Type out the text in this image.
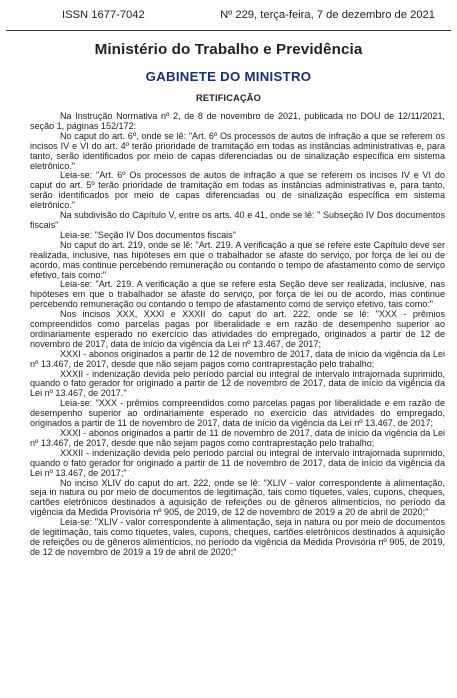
ISSN 1677-7042	Nº 229, terça-feira, 7 de dezembro de 2021
Ministério do Trabalho e Previdência
GABINETE DO MINISTRO
RETIFICAÇÃO

Na Instrução Normativa nº 2, de 8 de novembro de 2021, publicada no DOU de 12/11/2021, seção 1, páginas 152/172:

No caput do art. 6º, onde se lê: "Art. 6º Os processos de autos de infração a que se referem os incisos IV e VI do art. 4º terão prioridade de tramitação em todas as instâncias administrativas e, para tanto, serão identificados por meio de capas diferenciadas ou de sinalização específica em sistema eletrônico."

Leia-se: "Art. 6º Os processos de autos de infração a que se referem os incisos IV e VI do caput do art. 5º terão prioridade de tramitação em todas as instâncias administrativas e, para tanto, serão identificados por meio de capas diferenciadas ou de sinalização específica em sistema eletrônico."

Na subdivisão do Capítulo V, entre os arts. 40 e 41, onde se lê: " Subseção IV Dos documentos fiscais"

Leia-se: "Seção IV Dos documentos fiscais"

No caput do art. 219, onde se lê: "Art. 219. A verificação a que se refere este Capítulo deve ser realizada, inclusive, nas hipóteses em que o trabalhador se afaste do serviço, por força de lei ou de acordo, mas continue percebendo remuneração ou contando o tempo de afastamento como de serviço efetivo, tais como:"

Leia-se: "Art. 219. A verificação a que se refere esta Seção deve ser realizada, inclusive, nas hipóteses em que o trabalhador se afaste do serviço, por força de lei ou de acordo, mas continue percebendo remuneração ou contando o tempo de afastamento como de serviço efetivo, tais como:"

Nos incisos XXX, XXXI e XXXII do caput do art. 222, onde se lê: "XXX - prêmios compreendidos como parcelas pagas por liberalidade e em razão de desempenho superior ao ordinariamente esperado no exercício das atividades do empregado, originados a partir de 12 de novembro de 2017, data de início da vigência da Lei nº 13.467, de 2017;

XXXI - abonos originados a partir de 12 de novembro de 2017, data de início da vigência da Lei nº 13.467, de 2017, desde que não sejam pagos como contraprestação pelo trabalho;

XXXII - indenização devida pelo período parcial ou integral de intervalo intrajornada suprimido, quando o fato gerador for originado a partir de 12 de novembro de 2017, data de início da vigência da Lei nº 13.467, de 2017."

Leia-se: "XXX - prêmios compreendidos como parcelas pagas por liberalidade e em razão de desempenho superior ao ordinariamente esperado no exercício das atividades do empregado, originados a partir de 11 de novembro de 2017, data de início da vigência da Lei nº 13.467, de 2017;

XXXI - abonos originados a partir de 11 de novembro de 2017, data de início da vigência da Lei nº 13.467, de 2017, desde que não sejam pagos como contraprestação pelo trabalho;

XXXII - indenização devida pelo período parcial ou integral de intervalo intrajornada suprimido, quando o fato gerador for originado a partir de 11 de novembro de 2017, data de início da vigência da Lei nº 13.467, de 2017;"

No inciso XLIV do caput do art. 222, onde se lê: "XLIV - valor correspondente à alimentação, seja in natura ou por meio de documentos de legitimação, tais como tíquetes, vales, cupons, cheques, cartões eletrônicos destinados à aquisição de refeições ou de gêneros alimentícios, no período da vigência da Medida Provisória nº 905, de 2019, de 12 de novembro de 2019 a 20 de abril de 2020;"

Leia-se: "XLIV - valor correspondente à alimentação, seja in natura ou por meio de documentos de legitimação, tais como tíquetes, vales, cupons, cheques, cartões eletrônicos destinados à aquisição de refeições ou de gêneros alimentícios, no período da vigência da Medida Provisória nº 905, de 2019, de 12 de novembro de 2019 a 19 de abril de 2020;"
